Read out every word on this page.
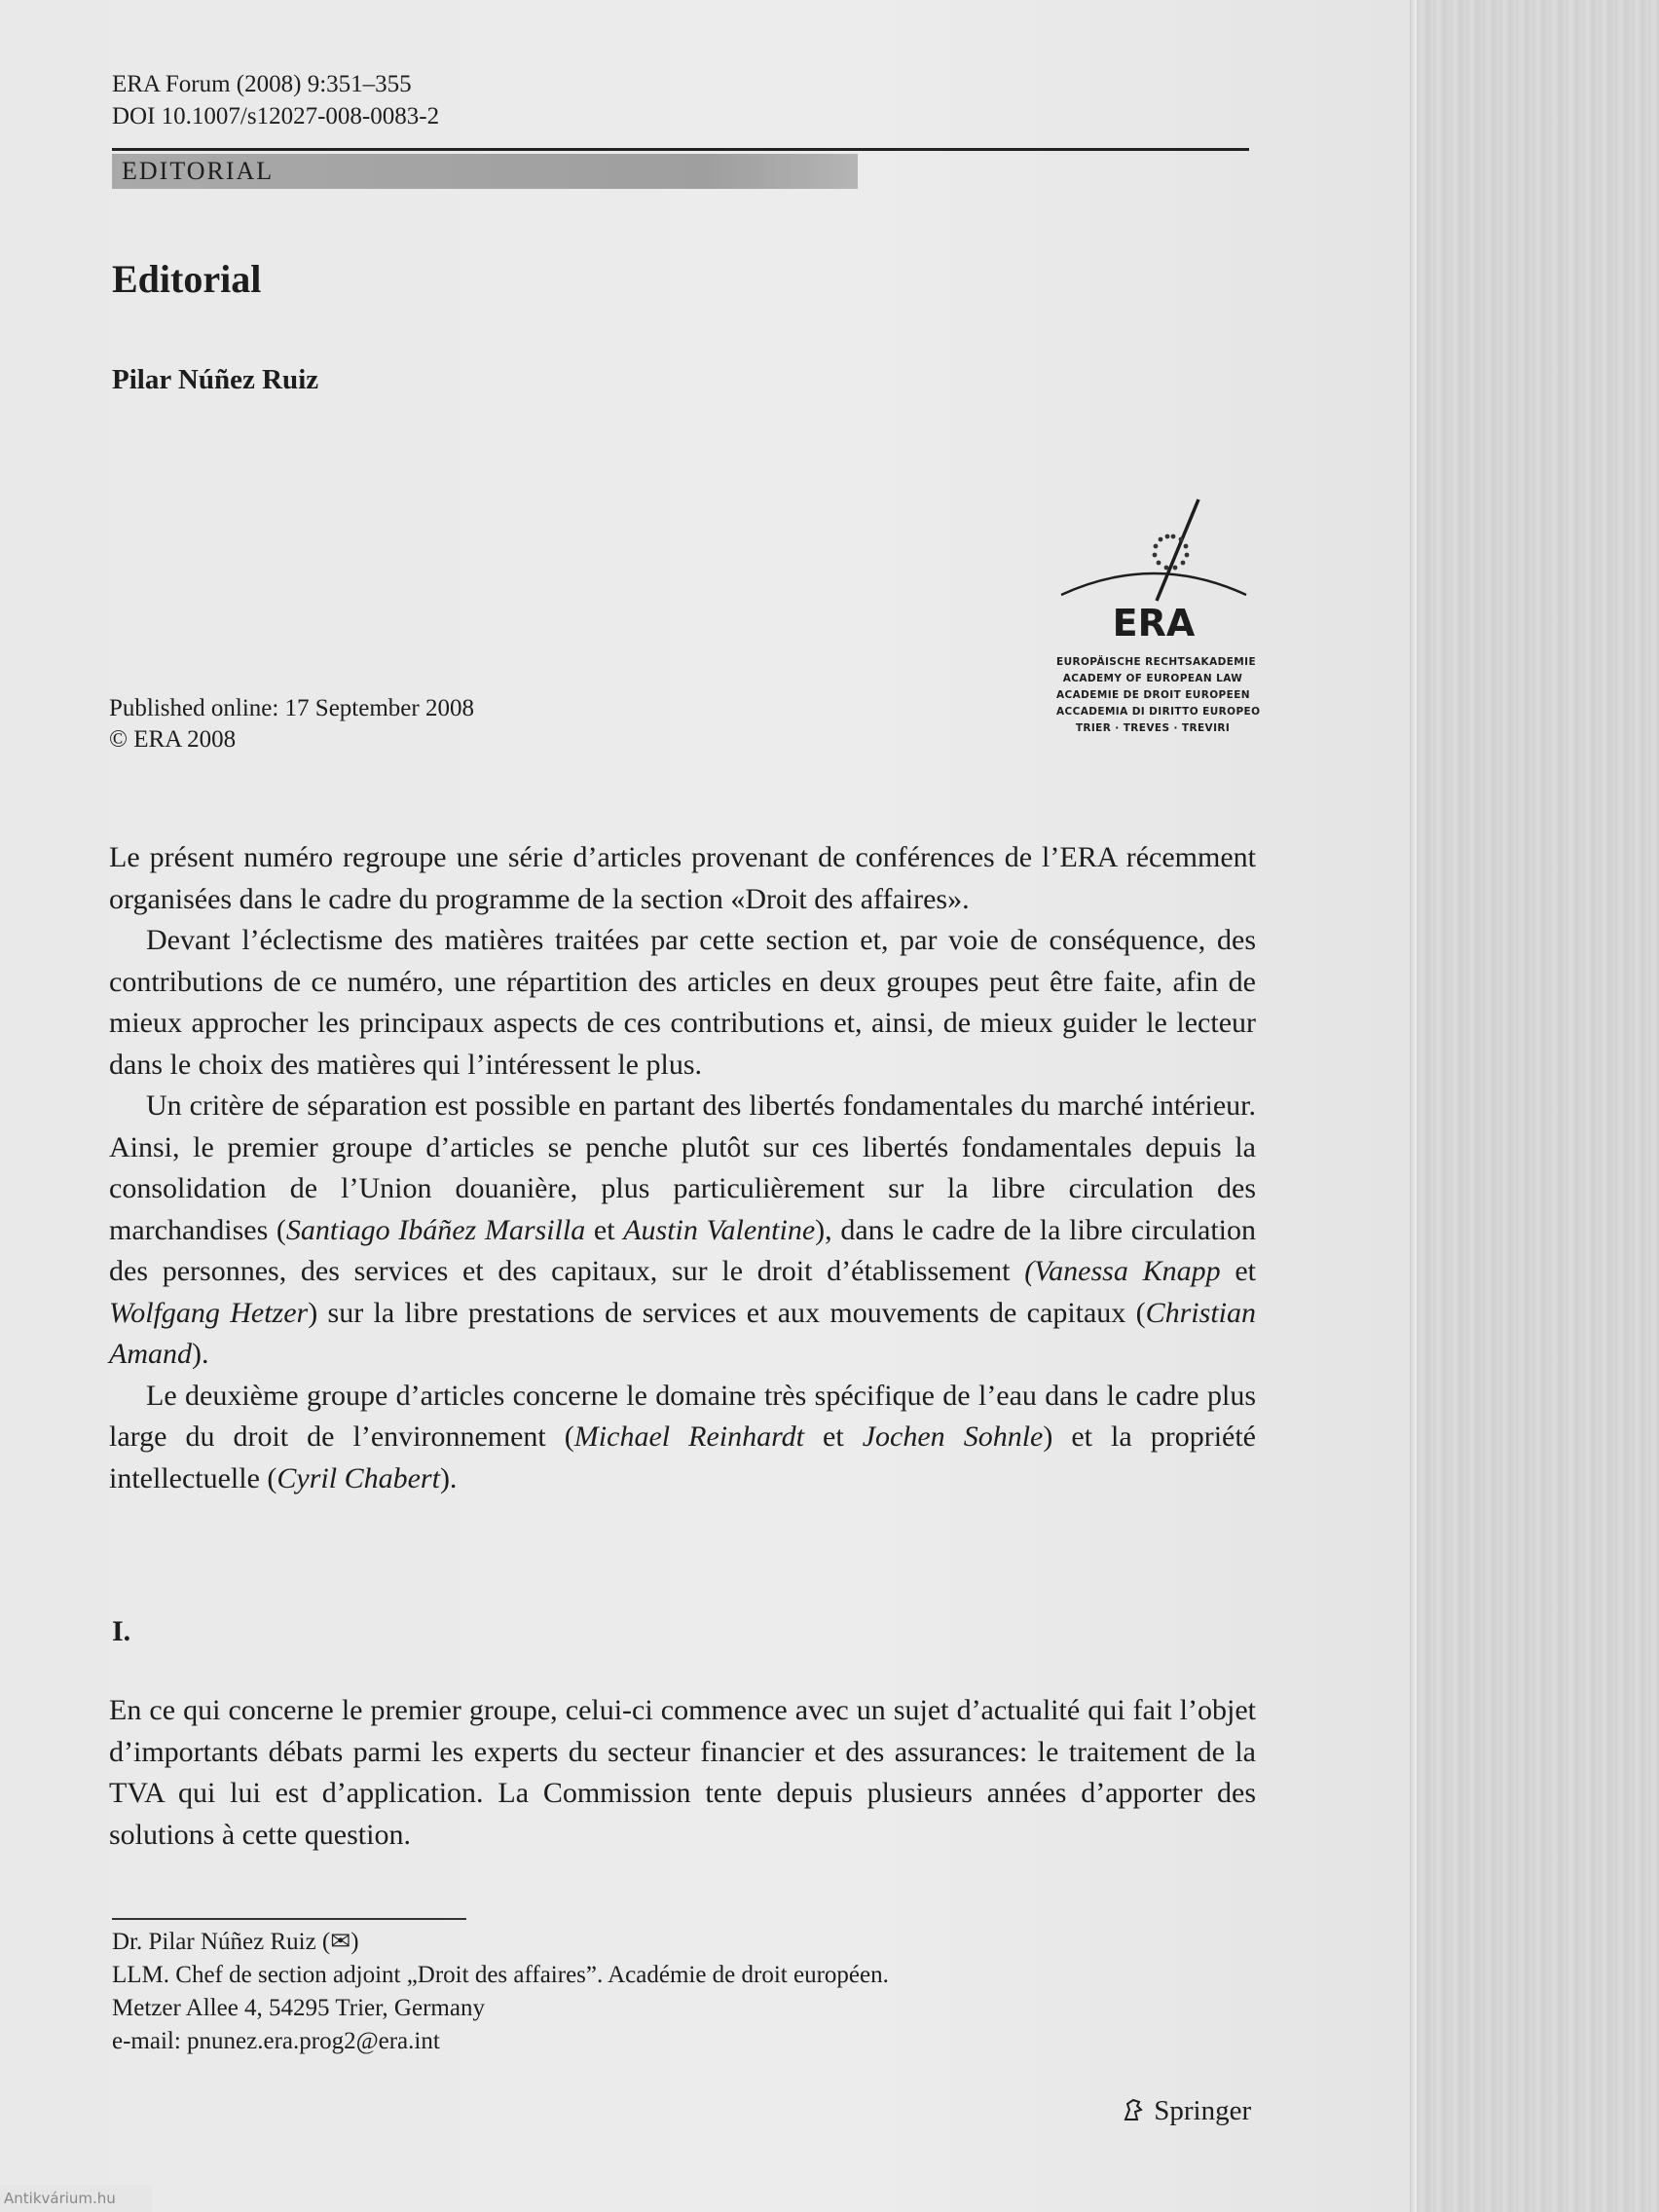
ERA Forum (2008) 9:351–355
DOI 10.1007/s12027-008-0083-2
EDITORIAL
Editorial
Pilar Núñez Ruiz
ERA
EUROPÄISCHE RECHTSAKADEMIE
ACADEMY OF EUROPEAN LAW
ACADEMIE DE DROIT EUROPEEN
ACCADEMIA DI DIRITTO EUROPEO
TRIER · TREVES · TREVIRI
Published online: 17 September 2008
© ERA 2008

Le présent numéro regroupe une série d’articles provenant de conférences de l’ERA récemment organisées dans le cadre du programme de la section «Droit des affaires».

Devant l’éclectisme des matières traitées par cette section et, par voie de conséquence, des contributions de ce numéro, une répartition des articles en deux groupes peut être faite, afin de mieux approcher les principaux aspects de ces contributions et, ainsi, de mieux guider le lecteur dans le choix des matières qui l’intéressent le plus.

Un critère de séparation est possible en partant des libertés fondamentales du marché intérieur. Ainsi, le premier groupe d’articles se penche plutôt sur ces libertés fondamentales depuis la consolidation de l’Union douanière, plus particulièrement sur la libre circulation des marchandises (Santiago Ibáñez Marsilla et Austin Valentine), dans le cadre de la libre circulation des personnes, des services et des capitaux, sur le droit d’établissement (Vanessa Knapp et Wolfgang Hetzer) sur la libre prestations de services et aux mouvements de capitaux (Christian Amand).

Le deuxième groupe d’articles concerne le domaine très spécifique de l’eau dans le cadre plus large du droit de l’environnement (Michael Reinhardt et Jochen Sohnle) et la propriété intellectuelle (Cyril Chabert).

I.

En ce qui concerne le premier groupe, celui-ci commence avec un sujet d’actualité qui fait l’objet d’importants débats parmi les experts du secteur financier et des assurances: le traitement de la TVA qui lui est d’application. La Commission tente depuis plusieurs années d’apporter des solutions à cette question.

Dr. Pilar Núñez Ruiz (✉)
LLM. Chef de section adjoint „Droit des affaires”. Académie de droit européen.
Metzer Allee 4, 54295 Trier, Germany
e-mail: pnunez.era.prog2@era.int
Springer
Antikvárium.hu
